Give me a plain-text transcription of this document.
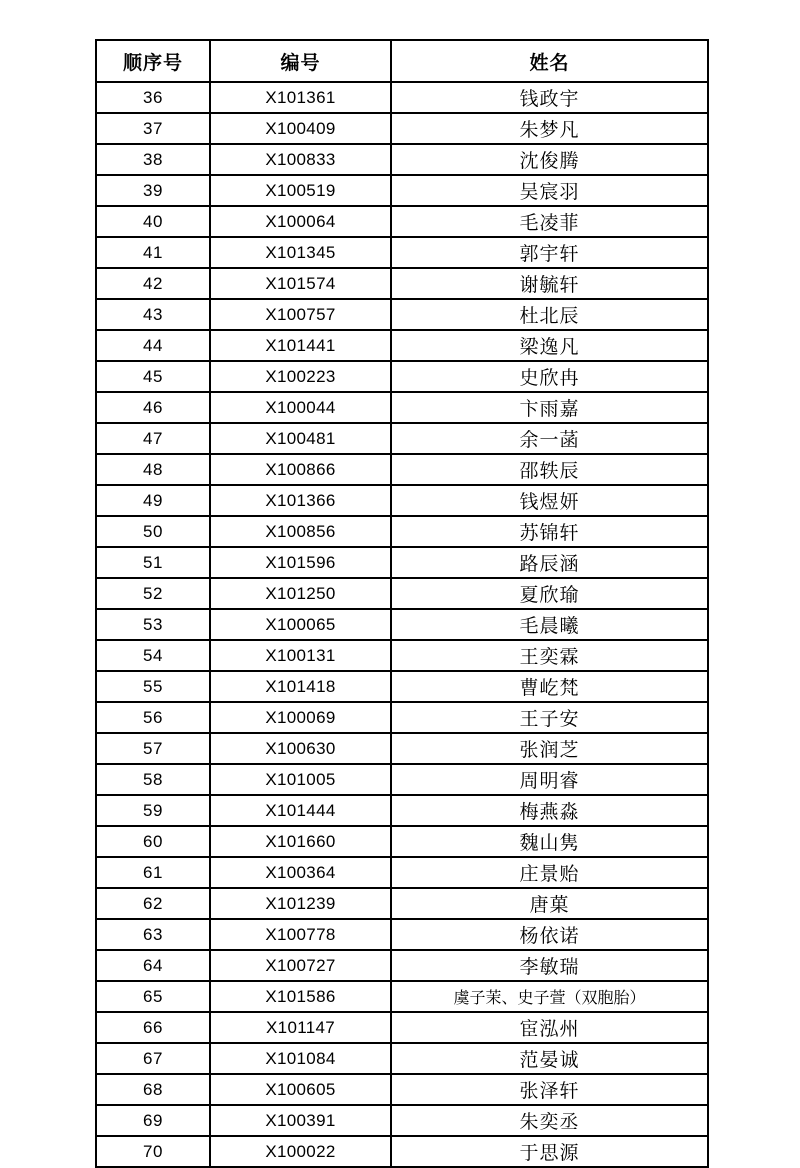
顺序号	编号	姓名
36	X101361	钱政宇
37	X100409	朱梦凡
38	X100833	沈俊腾
39	X100519	吴宸羽
40	X100064	毛凌菲
41	X101345	郭宇轩
42	X101574	谢毓轩
43	X100757	杜北辰
44	X101441	梁逸凡
45	X100223	史欣冉
46	X100044	卞雨嘉
47	X100481	余一菡
48	X100866	邵轶辰
49	X101366	钱煜妍
50	X100856	苏锦轩
51	X101596	路辰涵
52	X101250	夏欣瑜
53	X100065	毛晨曦
54	X100131	王奕霖
55	X101418	曹屹梵
56	X100069	王子安
57	X100630	张润芝
58	X101005	周明睿
59	X101444	梅燕淼
60	X101660	魏山隽
61	X100364	庄景贻
62	X101239	唐菓
63	X100778	杨依诺
64	X100727	李敏瑞
65	X101586	虞子茉、史子萱（双胞胎）
66	X101147	宦泓州
67	X101084	范晏诚
68	X100605	张泽轩
69	X100391	朱奕丞
70	X100022	于思源
